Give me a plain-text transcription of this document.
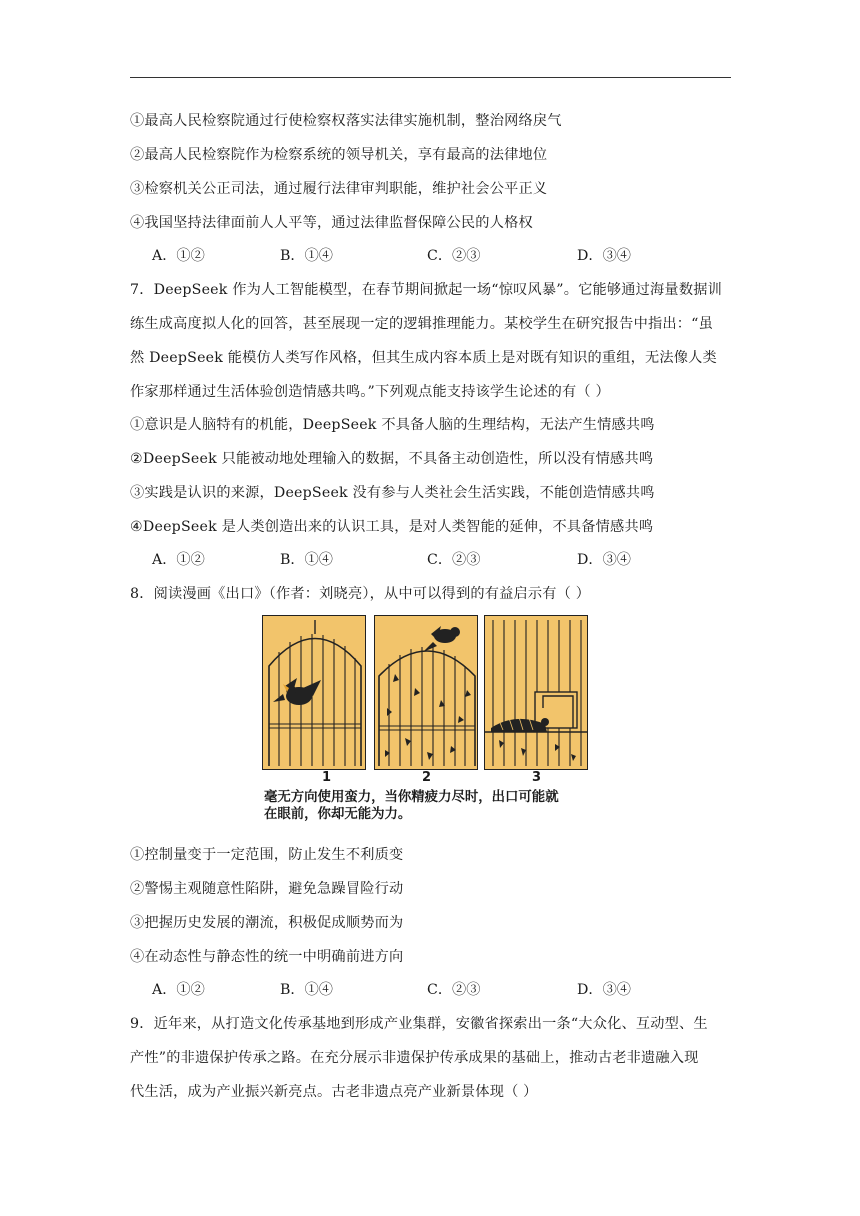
①最高人民检察院通过行使检察权落实法律实施机制，整治网络戾气
②最高人民检察院作为检察系统的领导机关，享有最高的法律地位
③检察机关公正司法，通过履行法律审判职能，维护社会公平正义
④我国坚持法律面前人人平等，通过法律监督保障公民的人格权
A．①②	B．①④	C．②③	D．③④
7．DeepSeek 作为人工智能模型，在春节期间掀起一场“惊叹风暴”。它能够通过海量数据训
练生成高度拟人化的回答，甚至展现一定的逻辑推理能力。某校学生在研究报告中指出：“虽
然 DeepSeek 能模仿人类写作风格，但其生成内容本质上是对既有知识的重组，无法像人类
作家那样通过生活体验创造情感共鸣。”下列观点能支持该学生论述的有（ ）
①意识是人脑特有的机能，DeepSeek 不具备人脑的生理结构，无法产生情感共鸣
②DeepSeek 只能被动地处理输入的数据，不具备主动创造性，所以没有情感共鸣
③实践是认识的来源，DeepSeek 没有参与人类社会生活实践，不能创造情感共鸣
④DeepSeek 是人类创造出来的认识工具，是对人类智能的延伸，不具备情感共鸣
A．①②	B．①④	C．②③	D．③④
8．阅读漫画《出口》（作者：刘晓亮），从中可以得到的有益启示有（ ）
1	2	3
毫无方向使用蛮力，当你精疲力尽时，出口可能就
在眼前，你却无能为力。
①控制量变于一定范围，防止发生不利质变
②警惕主观随意性陷阱，避免急躁冒险行动
③把握历史发展的潮流，积极促成顺势而为
④在动态性与静态性的统一中明确前进方向
A．①②	B．①④	C．②③	D．③④
9．近年来，从打造文化传承基地到形成产业集群，安徽省探索出一条“大众化、互动型、生
产性”的非遗保护传承之路。在充分展示非遗保护传承成果的基础上，推动古老非遗融入现
代生活，成为产业振兴新亮点。古老非遗点亮产业新景体现（ ）
